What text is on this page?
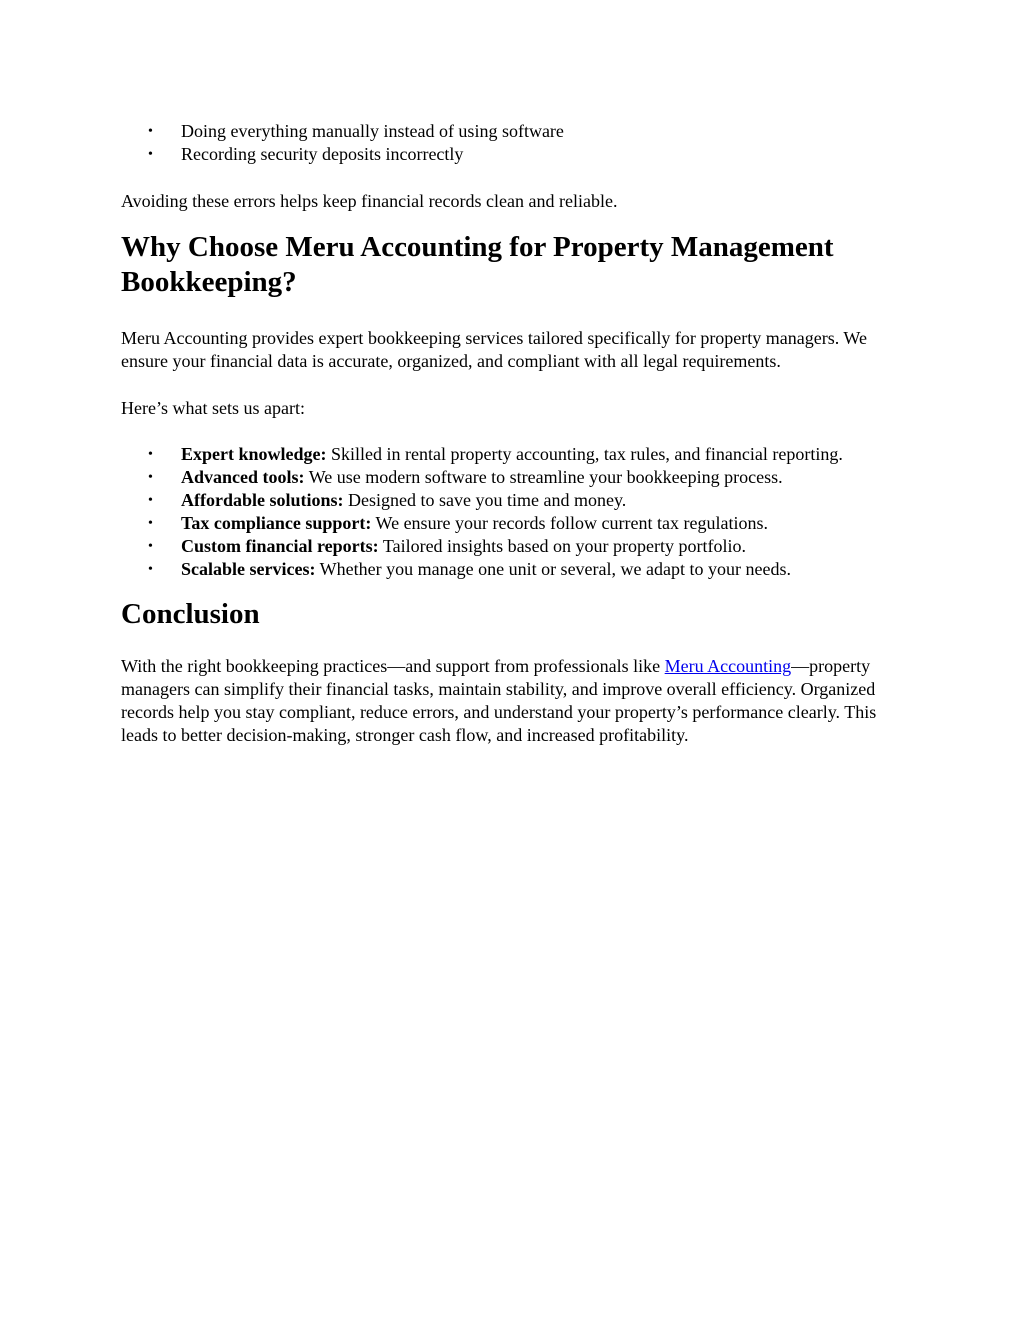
• Doing everything manually instead of using software
• Recording security deposits incorrectly

Avoiding these errors helps keep financial records clean and reliable.

Why Choose Meru Accounting for Property Management Bookkeeping?

Meru Accounting provides expert bookkeeping services tailored specifically for property managers. We ensure your financial data is accurate, organized, and compliant with all legal requirements.

Here’s what sets us apart:

• Expert knowledge: Skilled in rental property accounting, tax rules, and financial reporting.
• Advanced tools: We use modern software to streamline your bookkeeping process.
• Affordable solutions: Designed to save you time and money.
• Tax compliance support: We ensure your records follow current tax regulations.
• Custom financial reports: Tailored insights based on your property portfolio.
• Scalable services: Whether you manage one unit or several, we adapt to your needs.
Conclusion

With the right bookkeeping practices—and support from professionals like Meru Accounting—property managers can simplify their financial tasks, maintain stability, and improve overall efficiency. Organized records help you stay compliant, reduce errors, and understand your property’s performance clearly. This leads to better decision-making, stronger cash flow, and increased profitability.
